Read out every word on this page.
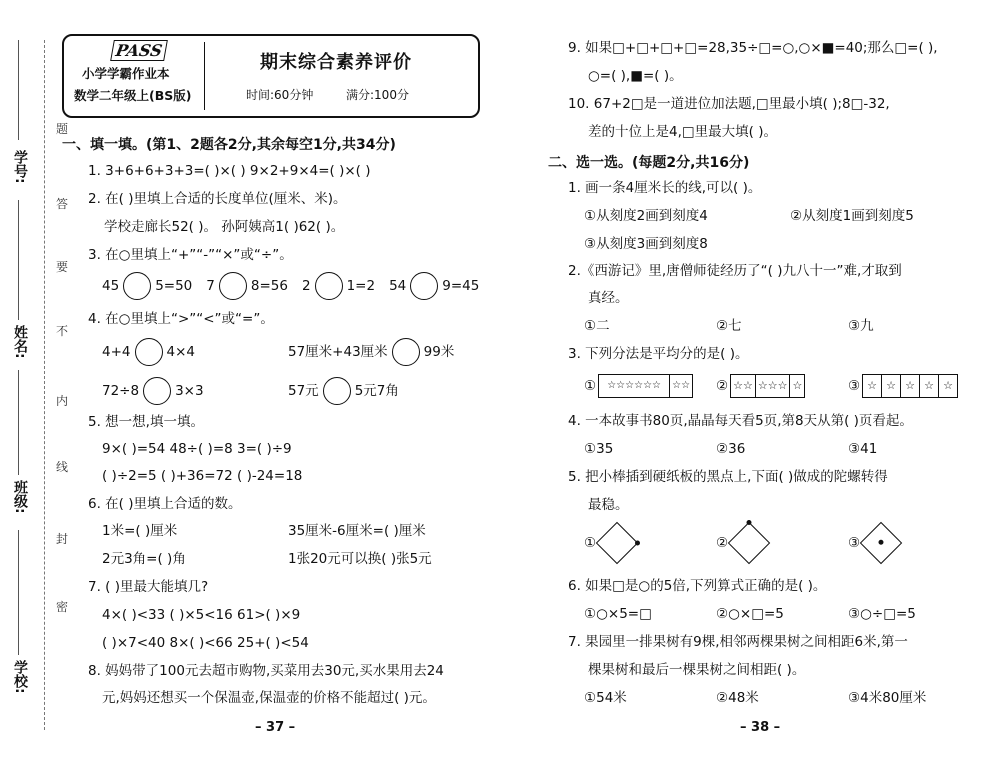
学号:
姓名:
班级:
学校:
题
答
要
不
内
线
封
密
PASS
小学学霸作业本
数学二年级上(BS版)
期末综合素养评价
时间:60分钟	满分:100分
一、填一填。(第1、2题各2分,其余每空1分,共34分)
1. 3+6+6+3+3=( )×( ) 9×2+9×4=( )×( )
2. 在( )里填上合适的长度单位(厘米、米)。
学校走廊长52( )。 孙阿姨高1( )62( )。
3. 在○里填上“+”“-”“×”或“÷”。
45	5=50 7	8=56 2	1=2 54	9=45
4. 在○里填上“>”“<”或“=”。
4+4	4×4	57厘米+43厘米	99米
72÷8	3×3	57元	5元7角
5. 想一想,填一填。
9×( )=54 48÷( )=8 3=( )÷9
( )÷2=5 ( )+36=72 ( )-24=18
6. 在( )里填上合适的数。
1米=( )厘米	35厘米-6厘米=( )厘米
2元3角=( )角	1张20元可以换( )张5元
7. ( )里最大能填几?
4×( )<33 ( )×5<16 61>( )×9
( )×7<40 8×( )<66 25+( )<54
8. 妈妈带了100元去超市购物,买菜用去30元,买水果用去24
元,妈妈还想买一个保温壶,保温壶的价格不能超过( )元。
– 37 –
9. 如果□+□+□+□=28,35÷□=○,○×■=40;那么□=( ),
○=( ),■=( )。
10. 67+2□是一道进位加法题,□里最小填( );8□-32,
差的十位上是4,□里最大填( )。
二、选一选。(每题2分,共16分)
1. 画一条4厘米长的线,可以( )。
①从刻度2画到刻度4	②从刻度1画到刻度5
③从刻度3画到刻度8
2.《西游记》里,唐僧师徒经历了“( )九八十一”难,才取到
真经。
①二	②七	③九
3. 下列分法是平均分的是( )。
①	☆☆☆☆☆☆	☆☆ ② ☆☆ ☆☆☆ ☆	③ ☆ ☆ ☆ ☆ ☆
4. 一本故事书80页,晶晶每天看5页,第8天从第( )页看起。
①35	②36	③41
5. 把小棒插到硬纸板的黑点上,下面( )做成的陀螺转得
最稳。
①	②	③
6. 如果□是○的5倍,下列算式正确的是( )。
①○×5=□	②○×□=5	③○÷□=5
7. 果园里一排果树有9棵,相邻两棵果树之间相距6米,第一
棵果树和最后一棵果树之间相距( )。
①54米	②48米	③4米80厘米
– 38 –
